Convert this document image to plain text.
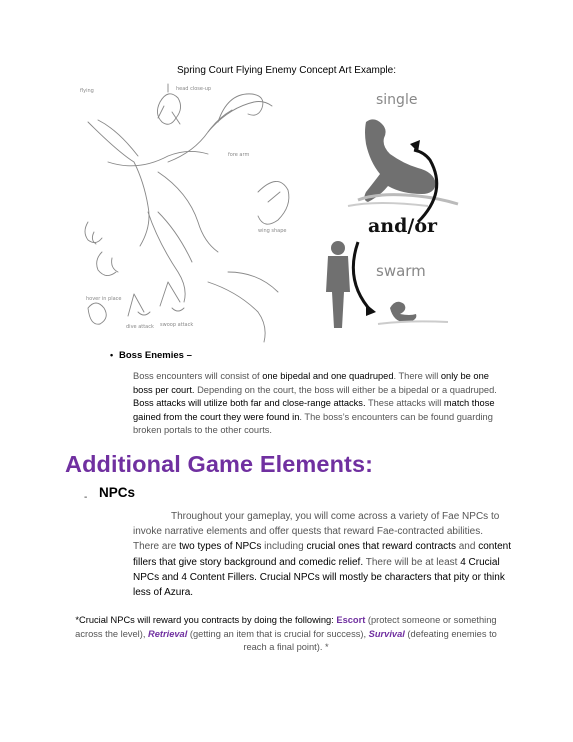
Spring Court Flying Enemy Concept Art Example:
flying	head close-up
fore arm
wing shape
hover in place
dive attack swoop attack
single
and/or
swarm
• Boss Enemies –
Boss encounters will consist of one bipedal and one quadruped. There will only be one boss per court. Depending on the court, the boss will either be a bipedal or a quadruped. Boss attacks will utilize both far and close-range attacks. These attacks will match those gained from the court they were found in. The boss’s encounters can be found guarding broken portals to the other courts.
Additional Game Elements:
- NPCs
Throughout your gameplay, you will come across a variety of Fae NPCs to invoke narrative elements and offer quests that reward Fae-contracted abilities. There are two types of NPCs including crucial ones that reward contracts and content fillers that give story background and comedic relief. There will be at least 4 Crucial NPCs and 4 Content Fillers. Crucial NPCs will mostly be characters that pity or think less of Azura.
*Crucial NPCs will reward you contracts by doing the following: Escort (protect someone or something across the level), Retrieval (getting an item that is crucial for success), Survival (defeating enemies to reach a final point). *
